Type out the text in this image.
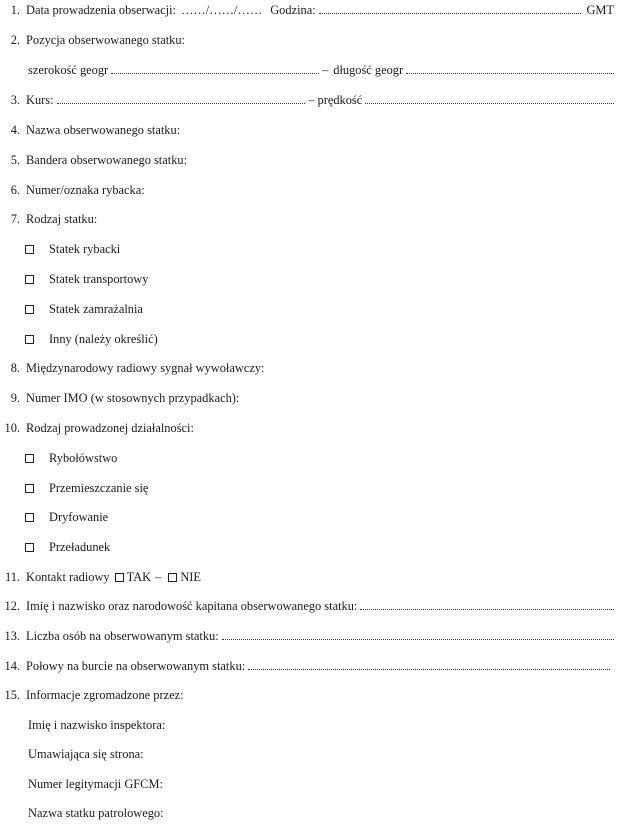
1. Data prowadzenia obserwacji: ……/……/…… Godzina:	GMT
2. Pozycja obserwowanego statku:
szerokość geogr	– długość geogr
3. Kurs:	– prędkość
4. Nazwa obserwowanego statku:
5. Bandera obserwowanego statku:
6. Numer/oznaka rybacka:
7. Rodzaj statku:
Statek rybacki
Statek transportowy
Statek zamrażalnia
Inny (należy określić)
8. Międzynarodowy radiowy sygnał wywoławczy:
9. Numer IMO (w stosownych przypadkach):
10. Rodzaj prowadzonej działalności:
Rybołówstwo
Przemieszczanie się
Dryfowanie
Przeładunek
11. Kontakt radiowy TAK – NIE
12. Imię i nazwisko oraz narodowość kapitana obserwowanego statku:
13. Liczba osób na obserwowanym statku:
14. Połowy na burcie na obserwowanym statku:
15. Informacje zgromadzone przez:
Imię i nazwisko inspektora:
Umawiająca się strona:
Numer legitymacji GFCM:
Nazwa statku patrolowego:
